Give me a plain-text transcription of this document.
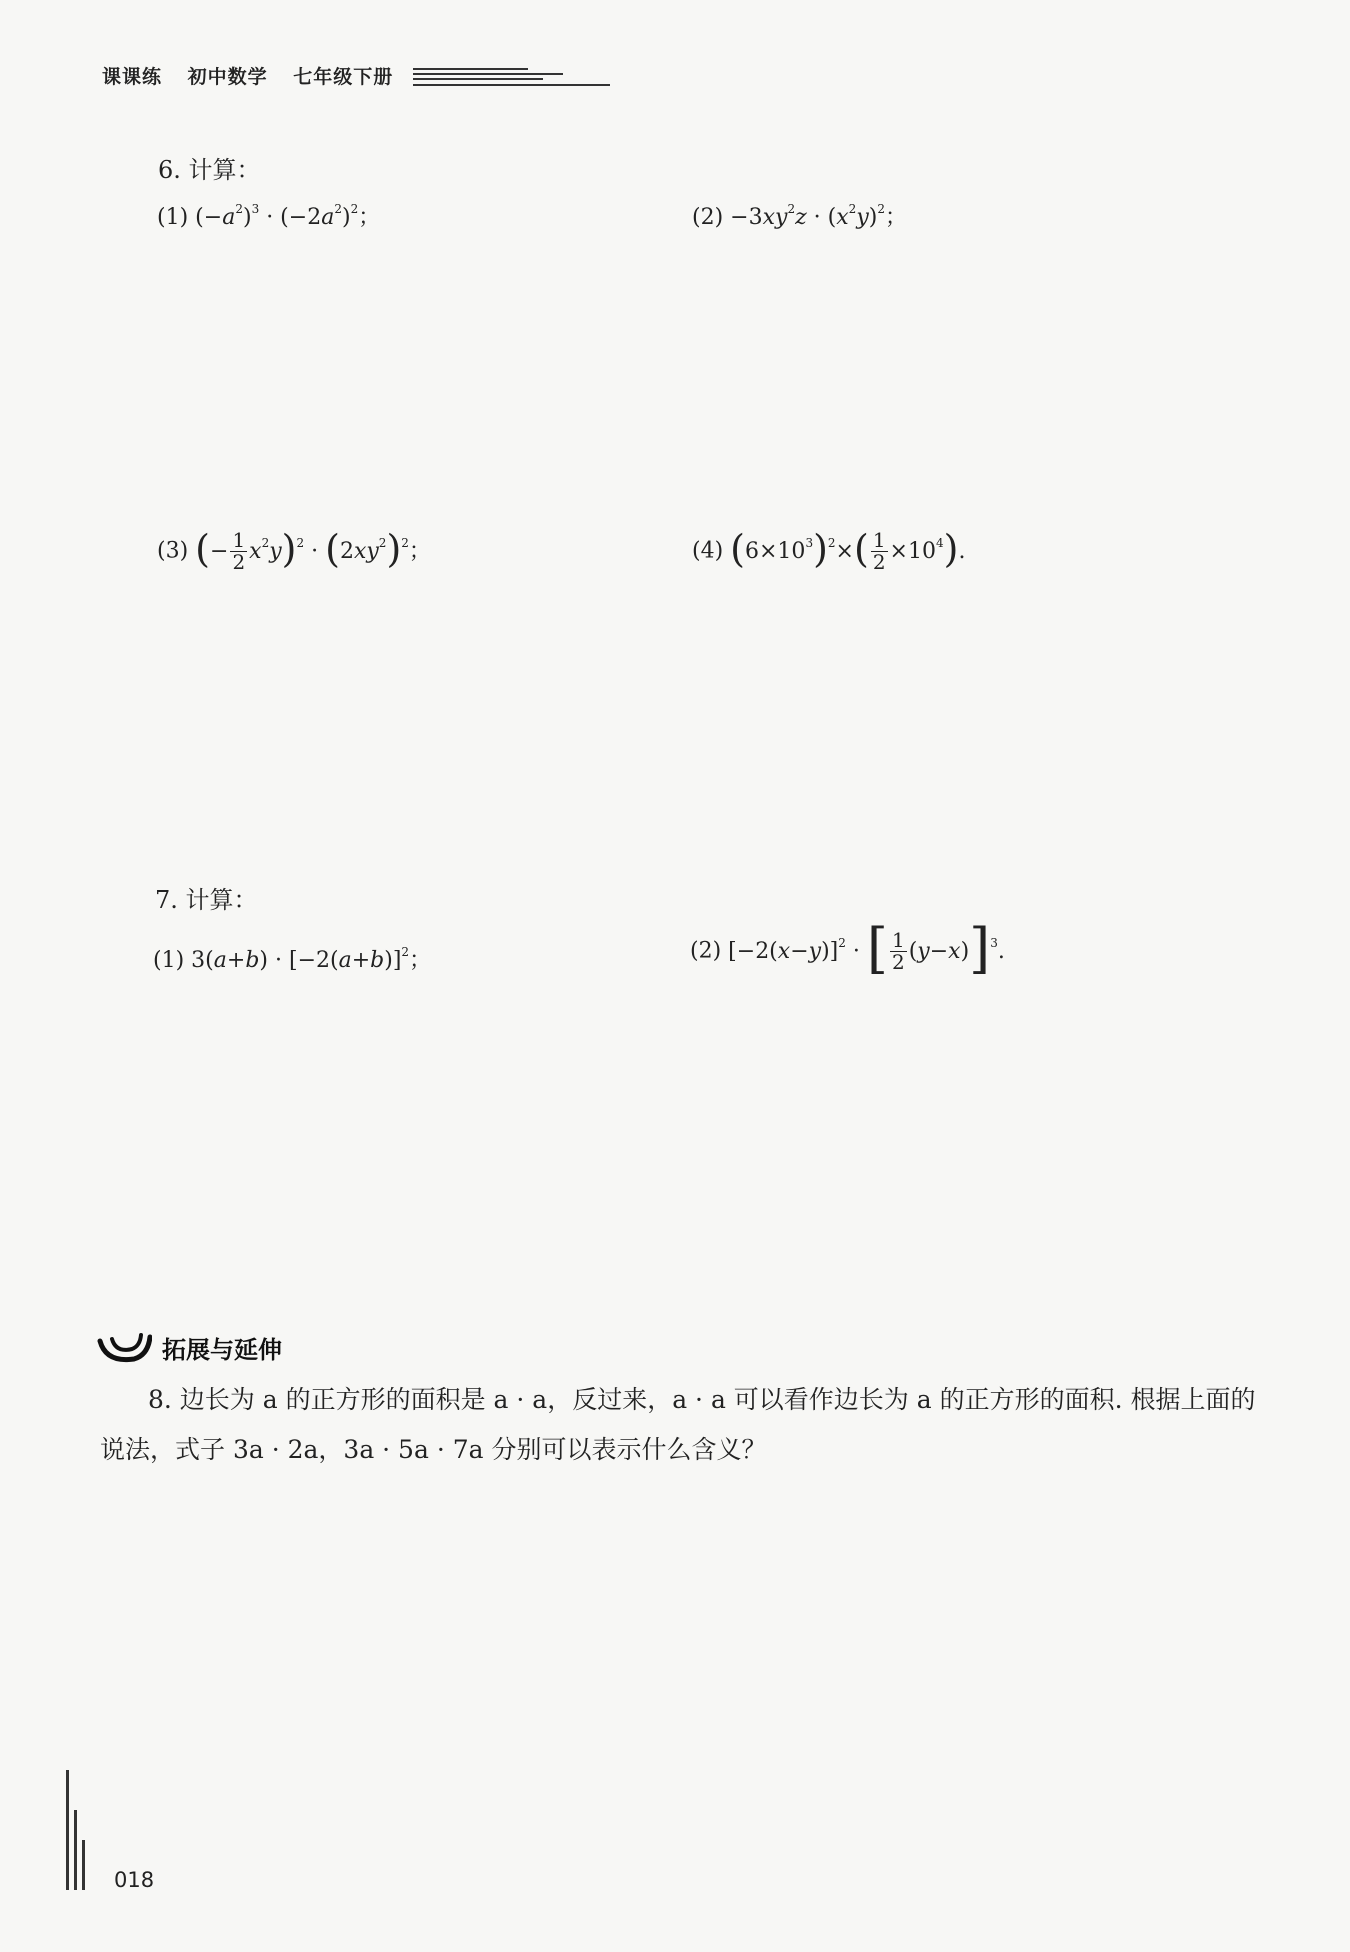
课课练 初中数学 七年级下册
6. 计算：
(1) $(-a^2)^3 \cdot (-2a^2)^2$；	$(2) -3xy^2z \cdot (x^2y)^2$；
(3) (− $\frac{1}{2} x^2y)^2 \cdot (2xy^2)^2$；	(4) $(6\times 10^3)^2\times( \frac{1}{2} \times 10^4)$.
7. 计算：
(1) $3(a+b) \cdot [-2(a+b)]^2$；	(2) $[-2(x-y)]^2$ · [ $\frac{1}{2} (y-x)]^3$.
拓展与延伸
8. 边长为 a 的正方形的面积是 a · a，反过来，a · a 可以看作边长为 a 的正方形的面积. 根据上面的说法，式子 3a · 2a，3a · 5a · 7a 分别可以表示什么含义？
018
